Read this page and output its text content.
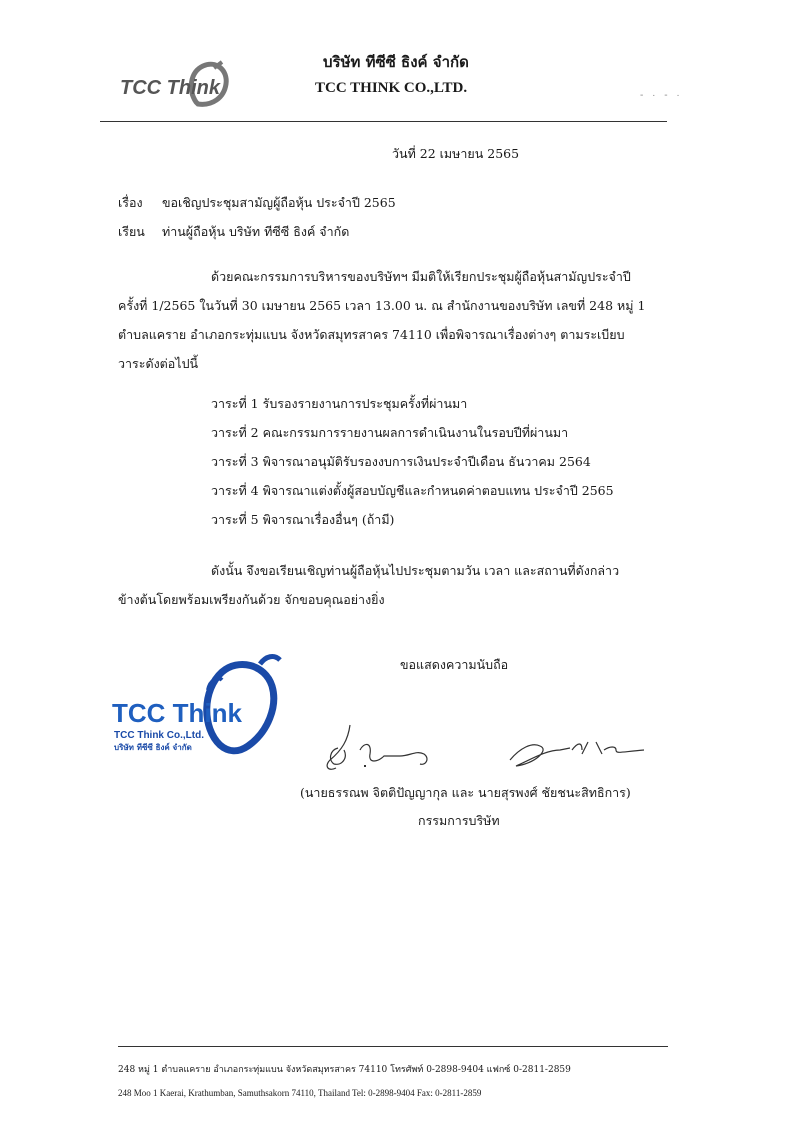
TCC Think	- · - ·
บริษัท ทีซีซี ธิงค์ จำกัด
TCC THINK CO.,LTD.
วันที่ 22 เมษายน 2565
เรื่อง ขอเชิญประชุมสามัญผู้ถือหุ้น ประจำปี 2565
เรียน ท่านผู้ถือหุ้น บริษัท ทีซีซี ธิงค์ จำกัด
ด้วยคณะกรรมการบริหารของบริษัทฯ มีมติให้เรียกประชุมผู้ถือหุ้นสามัญประจำปี
ครั้งที่ 1/2565 ในวันที่ 30 เมษายน 2565 เวลา 13.00 น. ณ สำนักงานของบริษัท เลขที่ 248 หมู่ 1
ตำบลแคราย อำเภอกระทุ่มแบน จังหวัดสมุทรสาคร 74110 เพื่อพิจารณาเรื่องต่างๆ ตามระเบียบ
วาระดังต่อไปนี้
วาระที่ 1 รับรองรายงานการประชุมครั้งที่ผ่านมา
วาระที่ 2 คณะกรรมการรายงานผลการดำเนินงานในรอบปีที่ผ่านมา
วาระที่ 3 พิจารณาอนุมัติรับรองงบการเงินประจำปีเดือน ธันวาคม 2564
วาระที่ 4 พิจารณาแต่งตั้งผู้สอบบัญชีและกำหนดค่าตอบแทน ประจำปี 2565
วาระที่ 5 พิจารณาเรื่องอื่นๆ (ถ้ามี)
ดังนั้น จึงขอเรียนเชิญท่านผู้ถือหุ้นไปประชุมตามวัน เวลา และสถานที่ดังกล่าว
ข้างต้นโดยพร้อมเพรียงกันด้วย จักขอบคุณอย่างยิ่ง
ขอแสดงความนับถือ
TCC Think
TCC Think Co.,Ltd.
บริษัท ทีซีซี ธิงค์ จำกัด
(นายธรรณพ จิตติปัญญากุล และ นายสุรพงศ์ ชัยชนะสิทธิการ)
กรรมการบริษัท
248 หมู่ 1 ตำบลแคราย อำเภอกระทุ่มแบน จังหวัดสมุทรสาคร 74110 โทรศัพท์ 0-2898-9404 แฟกซ์ 0-2811-2859
248 Moo 1 Kaerai, Krathumban, Samuthsakorn 74110, Thailand Tel: 0-2898-9404 Fax: 0-2811-2859
